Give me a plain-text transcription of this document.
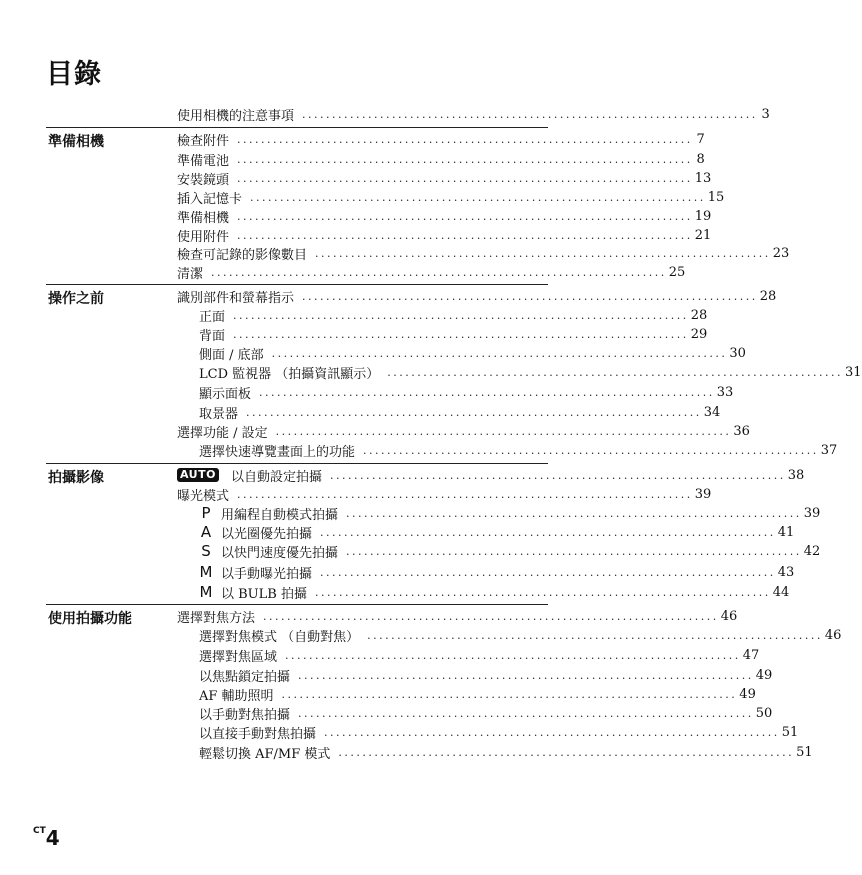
目錄
使用相機的注意事項 ............................................................................ 3
準備相機	檢查附件 ............................................................................ 7
準備電池 ............................................................................ 8
安裝鏡頭 ............................................................................ 13
插入記憶卡 ............................................................................ 15
準備相機 ............................................................................ 19
使用附件 ............................................................................ 21
檢查可記錄的影像數目 ............................................................................ 23
清潔 ............................................................................ 25
操作之前	識別部件和螢幕指示 ............................................................................ 28
正面 ............................................................................ 28
背面 ............................................................................ 29
側面 / 底部 ............................................................................ 30
LCD 監視器 （拍攝資訊顯示） ............................................................................ 31
顯示面板 ............................................................................ 33
取景器 ............................................................................ 34
選擇功能 / 設定 ............................................................................ 36
選擇快速導覽畫面上的功能 ............................................................................ 37
拍攝影像	AUTO 以自動設定拍攝 ............................................................................ 38
曝光模式 ............................................................................ 39
P 用編程自動模式拍攝 ............................................................................ 39
A 以光圈優先拍攝 ............................................................................ 41
S 以快門速度優先拍攝 ............................................................................ 42
M 以手動曝光拍攝 ............................................................................ 43
M 以 BULB 拍攝 ............................................................................ 44
使用拍攝功能	選擇對焦方法 ............................................................................ 46
選擇對焦模式 （自動對焦） ............................................................................ 46
選擇對焦區域 ............................................................................ 47
以焦點鎖定拍攝 ............................................................................ 49
AF 輔助照明 ............................................................................ 49
以手動對焦拍攝 ............................................................................ 50
以直接手動對焦拍攝 ............................................................................ 51
輕鬆切換 AF/MF 模式 ............................................................................ 51
$^{CT}$4
